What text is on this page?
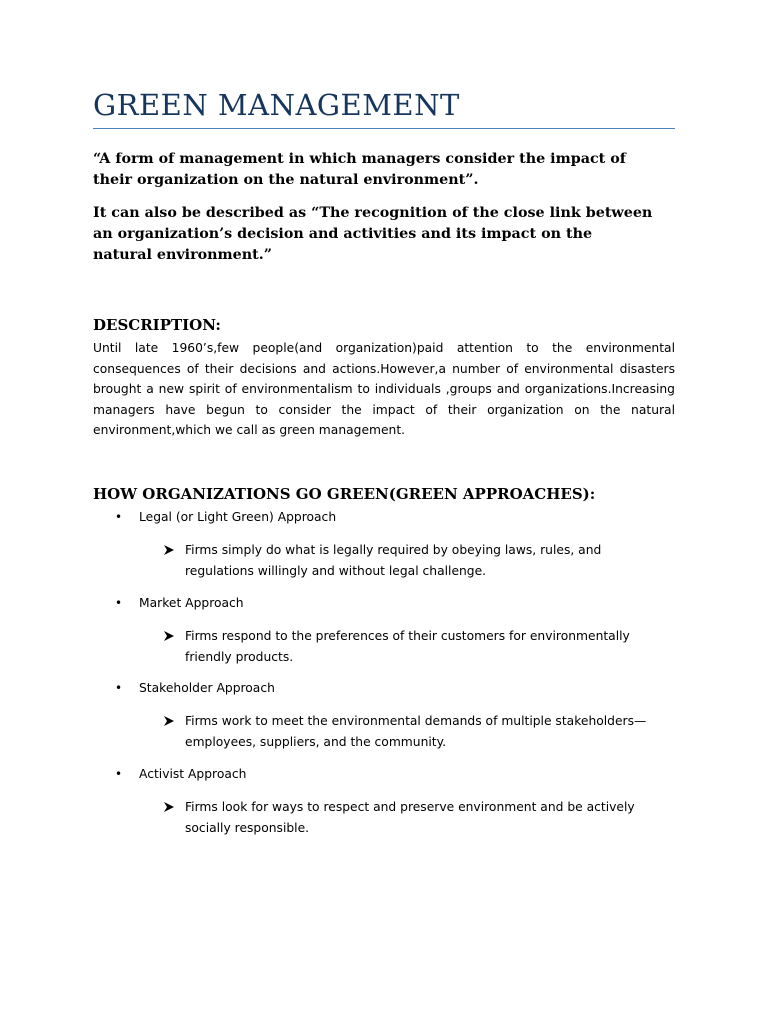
GREEN MANAGEMENT

“A form of management in which managers consider the impact of their organization on the natural environment”.

It can also be described as “The recognition of the close link between an organization’s decision and activities and its impact on the natural environment.”

DESCRIPTION:

Until late 1960’s,few people(and organization)paid attention to the environmental consequences of their decisions and actions.However,a number of environmental disasters brought a new spirit of environmentalism to individuals ,groups and organizations.Increasing managers have begun to consider the impact of their organization on the natural environment,which we call as green management.

HOW ORGANIZATIONS GO GREEN(GREEN APPROACHES):
• Legal (or Light Green) Approach
Firms simply do what is legally required by obeying laws, rules, and regulations willingly and without legal challenge.
• Market Approach
Firms respond to the preferences of their customers for environmentally friendly products.
• Stakeholder Approach
Firms work to meet the environmental demands of multiple stakeholders—employees, suppliers, and the community.
• Activist Approach
Firms look for ways to respect and preserve environment and be actively socially responsible.
